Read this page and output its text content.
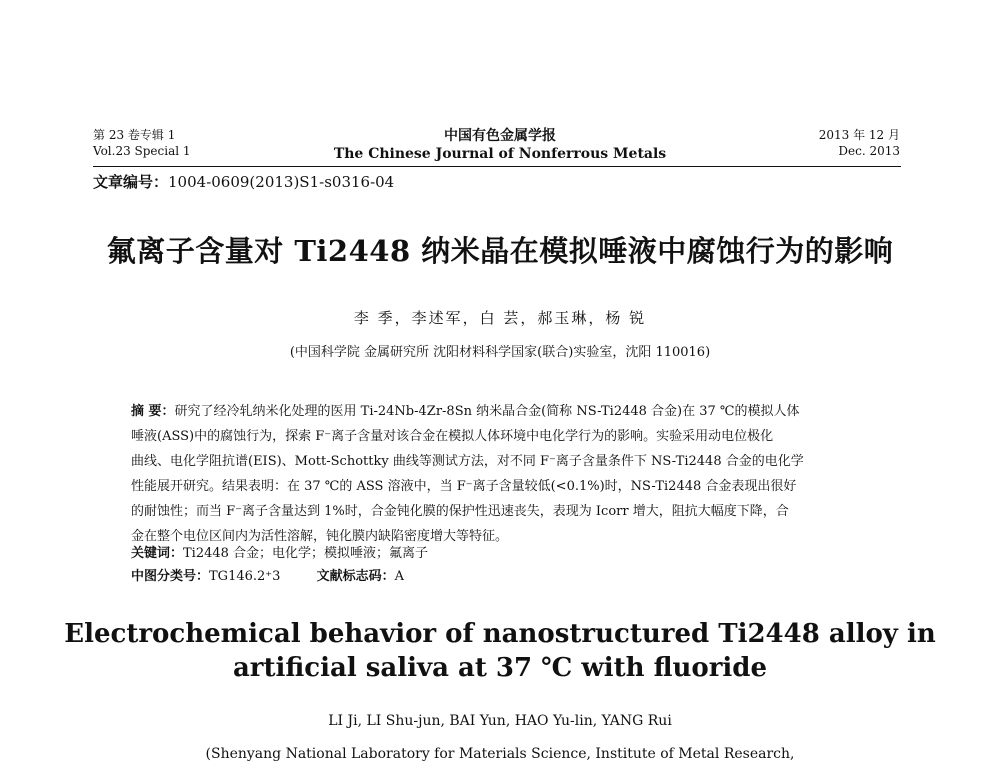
第 23 卷专辑 1
Vol.23 Special 1
中国有色金属学报
The Chinese Journal of Nonferrous Metals
2013 年 12 月
Dec. 2013
文章编号：1004-0609(2013)S1-s0316-04
氟离子含量对 Ti2448 纳米晶在模拟唾液中腐蚀行为的影响
李 季，李述军，白 芸，郝玉琳，杨 锐
(中国科学院 金属研究所 沈阳材料科学国家(联合)实验室，沈阳 110016)
摘 要：研究了经冷轧纳米化处理的医用 Ti-24Nb-4Zr-8Sn 纳米晶合金(简称 NS-Ti2448 合金)在 37 ℃的模拟人体
唾液(ASS)中的腐蚀行为，探索 F⁻离子含量对该合金在模拟人体环境中电化学行为的影响。实验采用动电位极化
曲线、电化学阻抗谱(EIS)、Mott-Schottky 曲线等测试方法，对不同 F⁻离子含量条件下 NS-Ti2448 合金的电化学
性能展开研究。结果表明：在 37 ℃的 ASS 溶液中，当 F⁻离子含量较低(<0.1%)时，NS-Ti2448 合金表现出很好
的耐蚀性；而当 F⁻离子含量达到 1%时，合金钝化膜的保护性迅速丧失，表现为 Icorr 增大，阻抗大幅度下降，合
金在整个电位区间内为活性溶解，钝化膜内缺陷密度增大等特征。
关键词：Ti2448 合金；电化学；模拟唾液；氟离子
中图分类号：TG146.2⁺3	文献标志码：A
Electrochemical behavior of nanostructured Ti2448 alloy in
artificial saliva at 37 ℃ with fluoride
LI Ji, LI Shu-jun, BAI Yun, HAO Yu-lin, YANG Rui
(Shenyang National Laboratory for Materials Science, Institute of Metal Research,
